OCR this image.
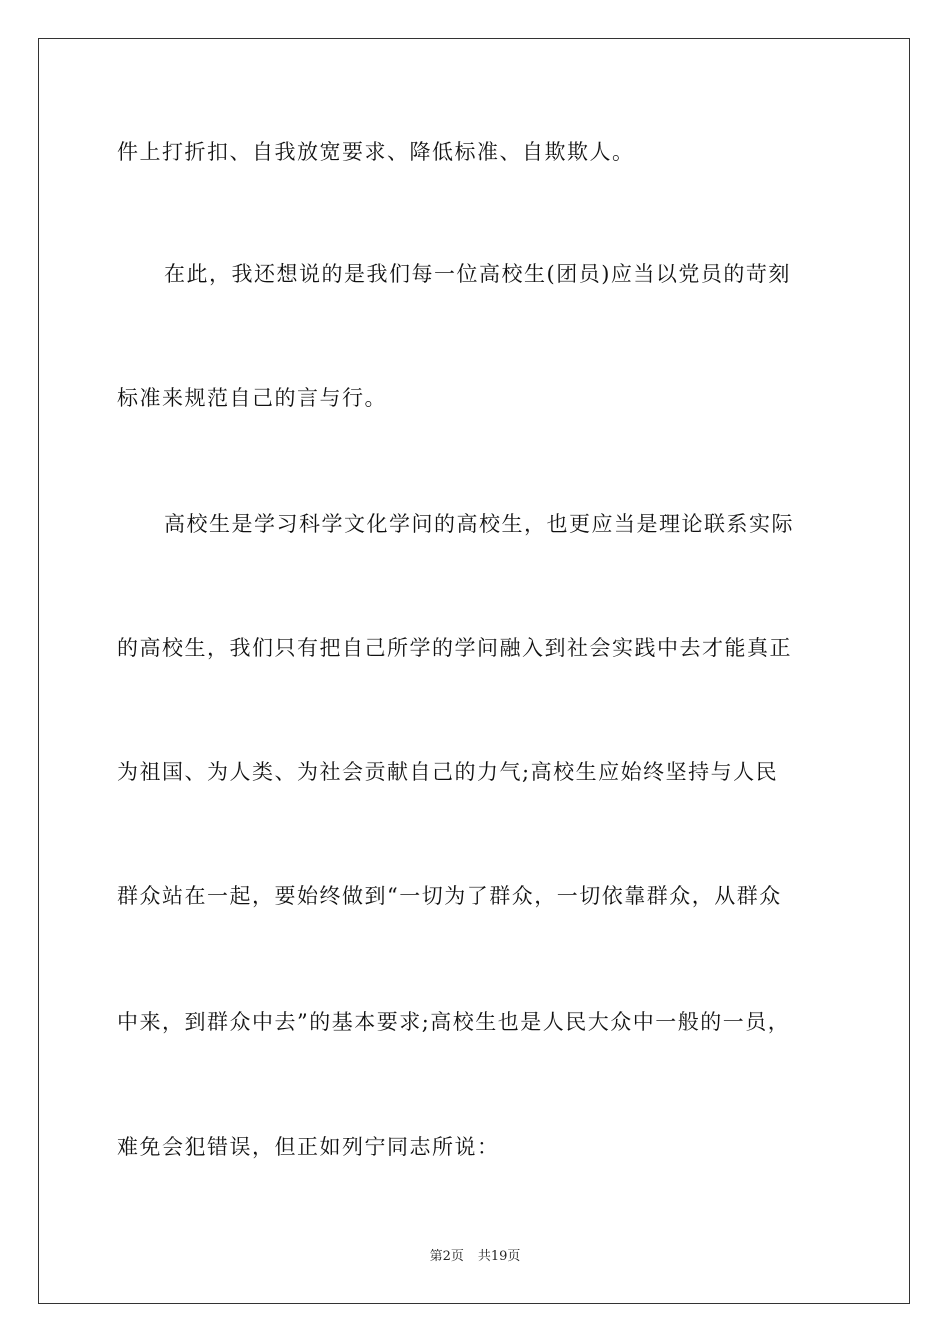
件上打折扣、自我放宽要求、降低标准、自欺欺人。
在此，我还想说的是我们每一位高校生(团员)应当以党员的苛刻
标准来规范自己的言与行。
高校生是学习科学文化学问的高校生，也更应当是理论联系实际
的高校生，我们只有把自己所学的学问融入到社会实践中去才能真正
为祖国、为人类、为社会贡献自己的力气;高校生应始终坚持与人民
群众站在一起，要始终做到“一切为了群众，一切依靠群众，从群众
中来，到群众中去”的基本要求;高校生也是人民大众中一般的一员，
难免会犯错误，但正如列宁同志所说：
第2页 共19页
